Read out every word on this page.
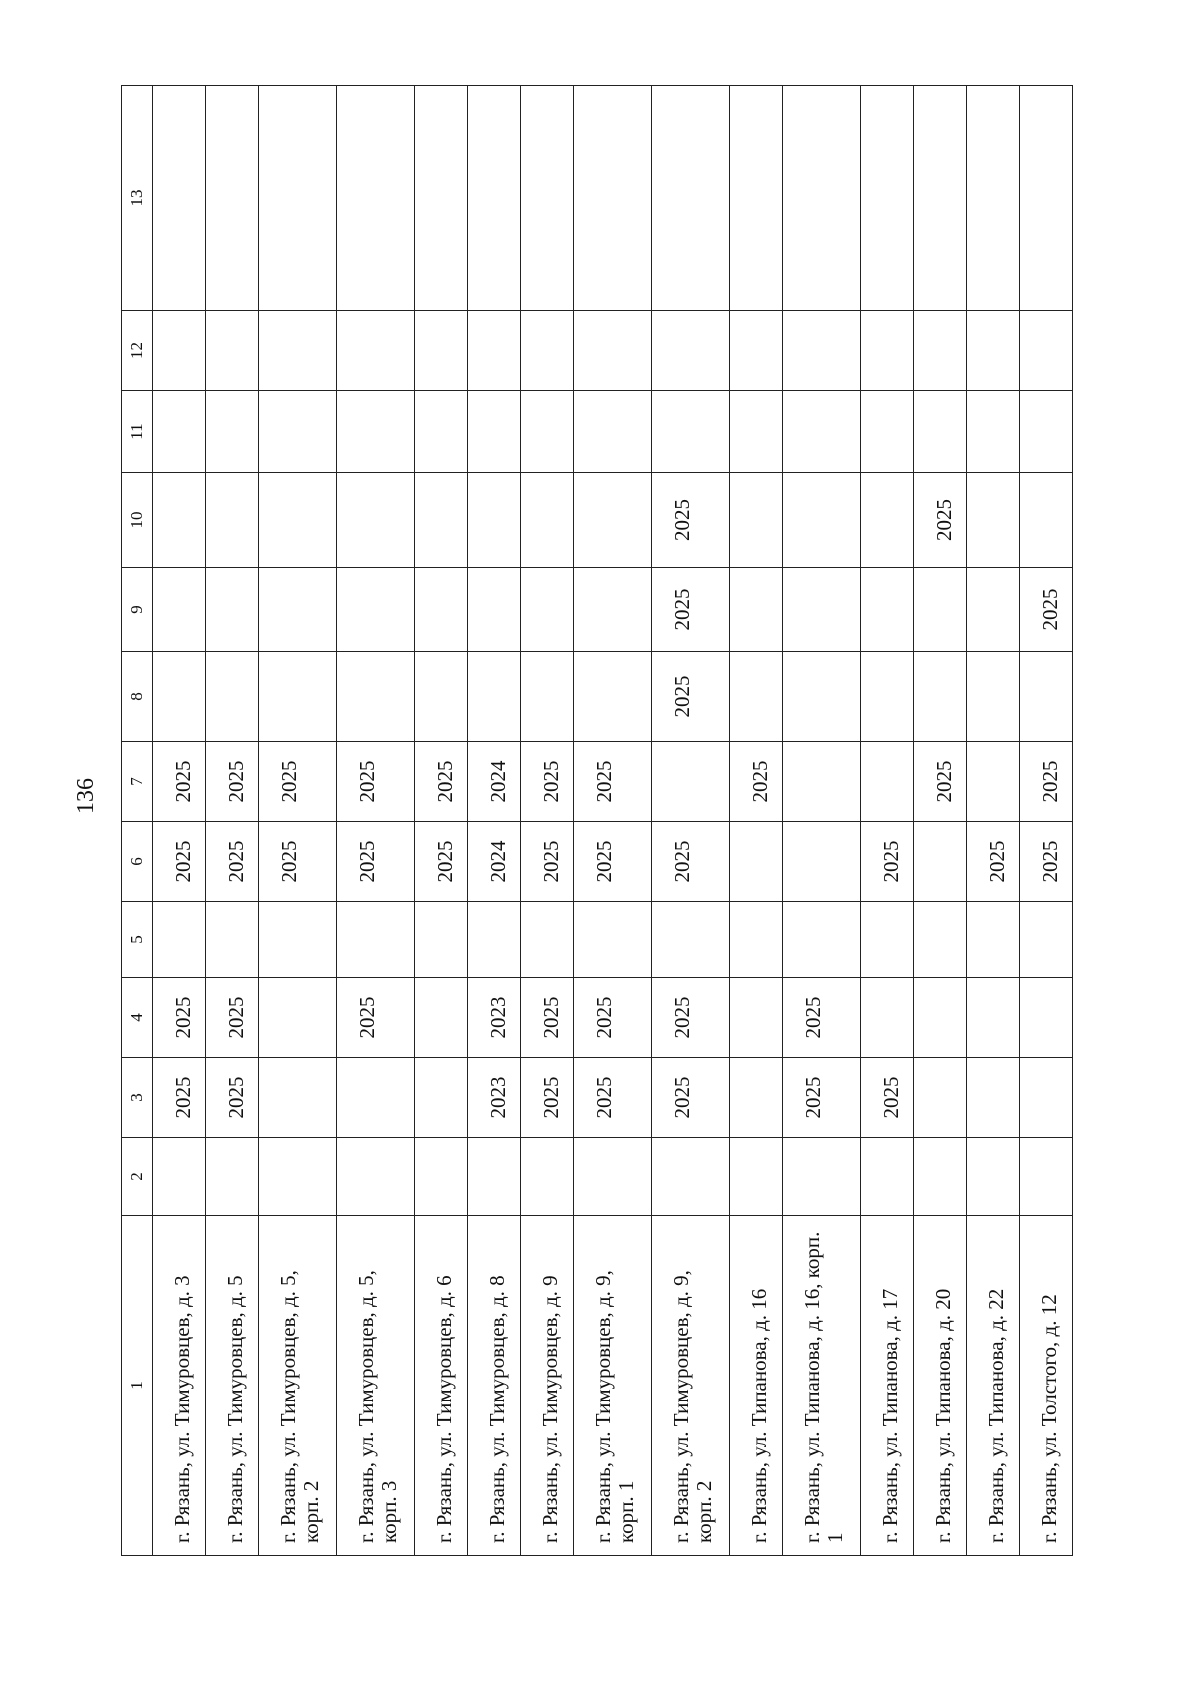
136
1	2	3	4	5	6	7	8	9	10	11	12	13
г. Рязань, ул. Тимуровцев, д. 3		2025	2025		2025	2025						
г. Рязань, ул. Тимуровцев, д. 5		2025	2025		2025	2025						
г. Рязань, ул. Тимуровцев, д. 5, корп. 2					2025	2025						
г. Рязань, ул. Тимуровцев, д. 5, корп. 3			2025		2025	2025						
г. Рязань, ул. Тимуровцев, д. 6					2025	2025						
г. Рязань, ул. Тимуровцев, д. 8		2023	2023		2024	2024						
г. Рязань, ул. Тимуровцев, д. 9		2025	2025		2025	2025						
г. Рязань, ул. Тимуровцев, д. 9, корп. 1		2025	2025		2025	2025						
г. Рязань, ул. Тимуровцев, д. 9, корп. 2		2025	2025		2025		2025	2025	2025			
г. Рязань, ул. Типанова, д. 16						2025						
г. Рязань, ул. Типанова, д. 16, корп. 1		2025	2025									
г. Рязань, ул. Типанова, д. 17		2025			2025							
г. Рязань, ул. Типанова, д. 20						2025			2025			
г. Рязань, ул. Типанова, д. 22					2025							
г. Рязань, ул. Толстого, д. 12					2025	2025		2025				
